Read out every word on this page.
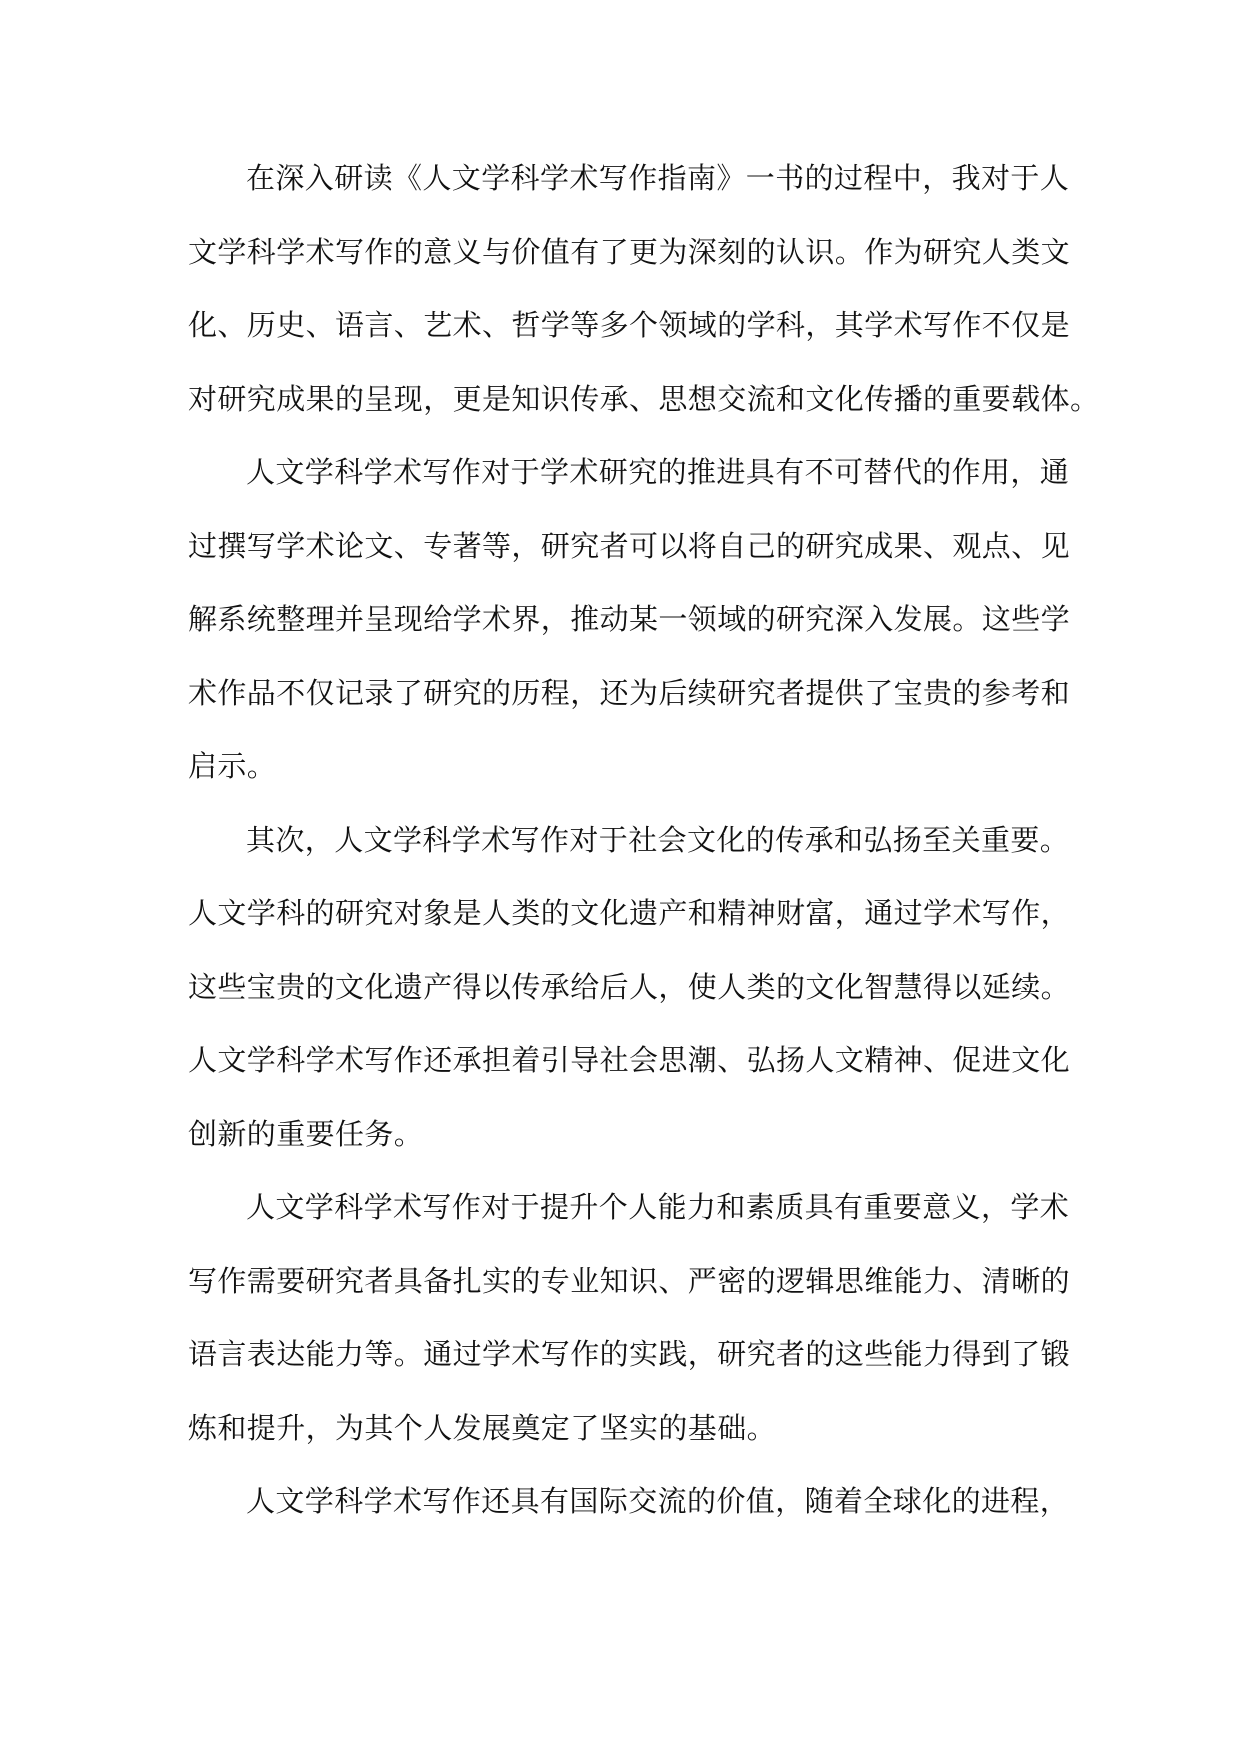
在深入研读《人文学科学术写作指南》一书的过程中，我对于人
文学科学术写作的意义与价值有了更为深刻的认识。作为研究人类文
化、历史、语言、艺术、哲学等多个领域的学科，其学术写作不仅是
对研究成果的呈现，更是知识传承、思想交流和文化传播的重要载体。
人文学科学术写作对于学术研究的推进具有不可替代的作用，通
过撰写学术论文、专著等，研究者可以将自己的研究成果、观点、见
解系统整理并呈现给学术界，推动某一领域的研究深入发展。这些学
术作品不仅记录了研究的历程，还为后续研究者提供了宝贵的参考和
启示。
其次，人文学科学术写作对于社会文化的传承和弘扬至关重要。
人文学科的研究对象是人类的文化遗产和精神财富，通过学术写作，
这些宝贵的文化遗产得以传承给后人，使人类的文化智慧得以延续。
人文学科学术写作还承担着引导社会思潮、弘扬人文精神、促进文化
创新的重要任务。
人文学科学术写作对于提升个人能力和素质具有重要意义，学术
写作需要研究者具备扎实的专业知识、严密的逻辑思维能力、清晰的
语言表达能力等。通过学术写作的实践，研究者的这些能力得到了锻
炼和提升，为其个人发展奠定了坚实的基础。
人文学科学术写作还具有国际交流的价值，随着全球化的进程，
